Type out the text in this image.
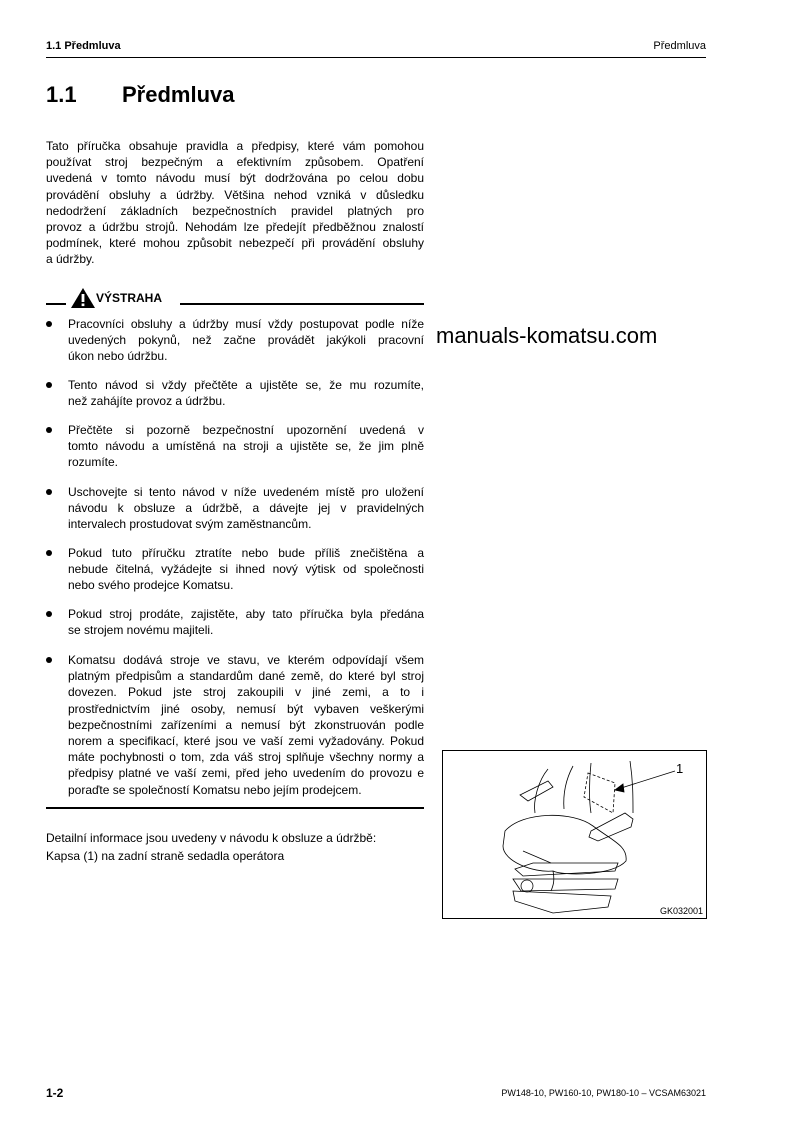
1.1 Předmluva	Předmluva
1.1 Předmluva
Tato příručka obsahuje pravidla a předpisy, které vám pomohou
používat stroj bezpečným a efektivním způsobem. Opatření
uvedená v tomto návodu musí být dodržována po celou dobu
provádění obsluhy a údržby. Většina nehod vzniká v důsledku
nedodržení základních bezpečnostních pravidel platných pro
provoz a údržbu strojů. Nehodám lze předejít předběžnou znalostí
podmínek, které mohou způsobit nebezpečí při provádění obsluhy
a údržby.
VÝSTRAHA
Pracovníci obsluhy a údržby musí vždy postupovat podle níže
uvedených pokynů, než začne provádět jakýkoli pracovní
úkon nebo údržbu.
Tento návod si vždy přečtěte a ujistěte se, že mu rozumíte,
než zahájíte provoz a údržbu.
Přečtěte si pozorně bezpečnostní upozornění uvedená v
tomto návodu a umístěná na stroji a ujistěte se, že jim plně
rozumíte.
Uschovejte si tento návod v níže uvedeném místě pro uložení
návodu k obsluze a údržbě, a dávejte jej v pravidelných
intervalech prostudovat svým zaměstnancům.
Pokud tuto příručku ztratíte nebo bude příliš znečištěna a
nebude čitelná, vyžádejte si ihned nový výtisk od společnosti
nebo svého prodejce Komatsu.
Pokud stroj prodáte, zajistěte, aby tato příručka byla předána
se strojem novému majiteli.
Komatsu dodává stroje ve stavu, ve kterém odpovídají všem
platným předpisům a standardům dané země, do které byl stroj
dovezen. Pokud jste stroj zakoupili v jiné zemi, a to i
prostřednictvím jiné osoby, nemusí být vybaven veškerými
bezpečnostními zařízeními a nemusí být zkonstruován podle
norem a specifikací, které jsou ve vaší zemi vyžadovány. Pokud
máte pochybnosti o tom, zda váš stroj splňuje všechny normy a
předpisy platné ve vaší zemi, před jeho uvedením do provozu e
poraďte se společností Komatsu nebo jejím prodejcem.
Detailní informace jsou uvedeny v návodu k obsluze a údržbě:
Kapsa (1) na zadní straně sedadla operátora
1
GK032001
manuals-komatsu.com
1-2	PW148-10, PW160-10, PW180-10 – VCSAM63021
